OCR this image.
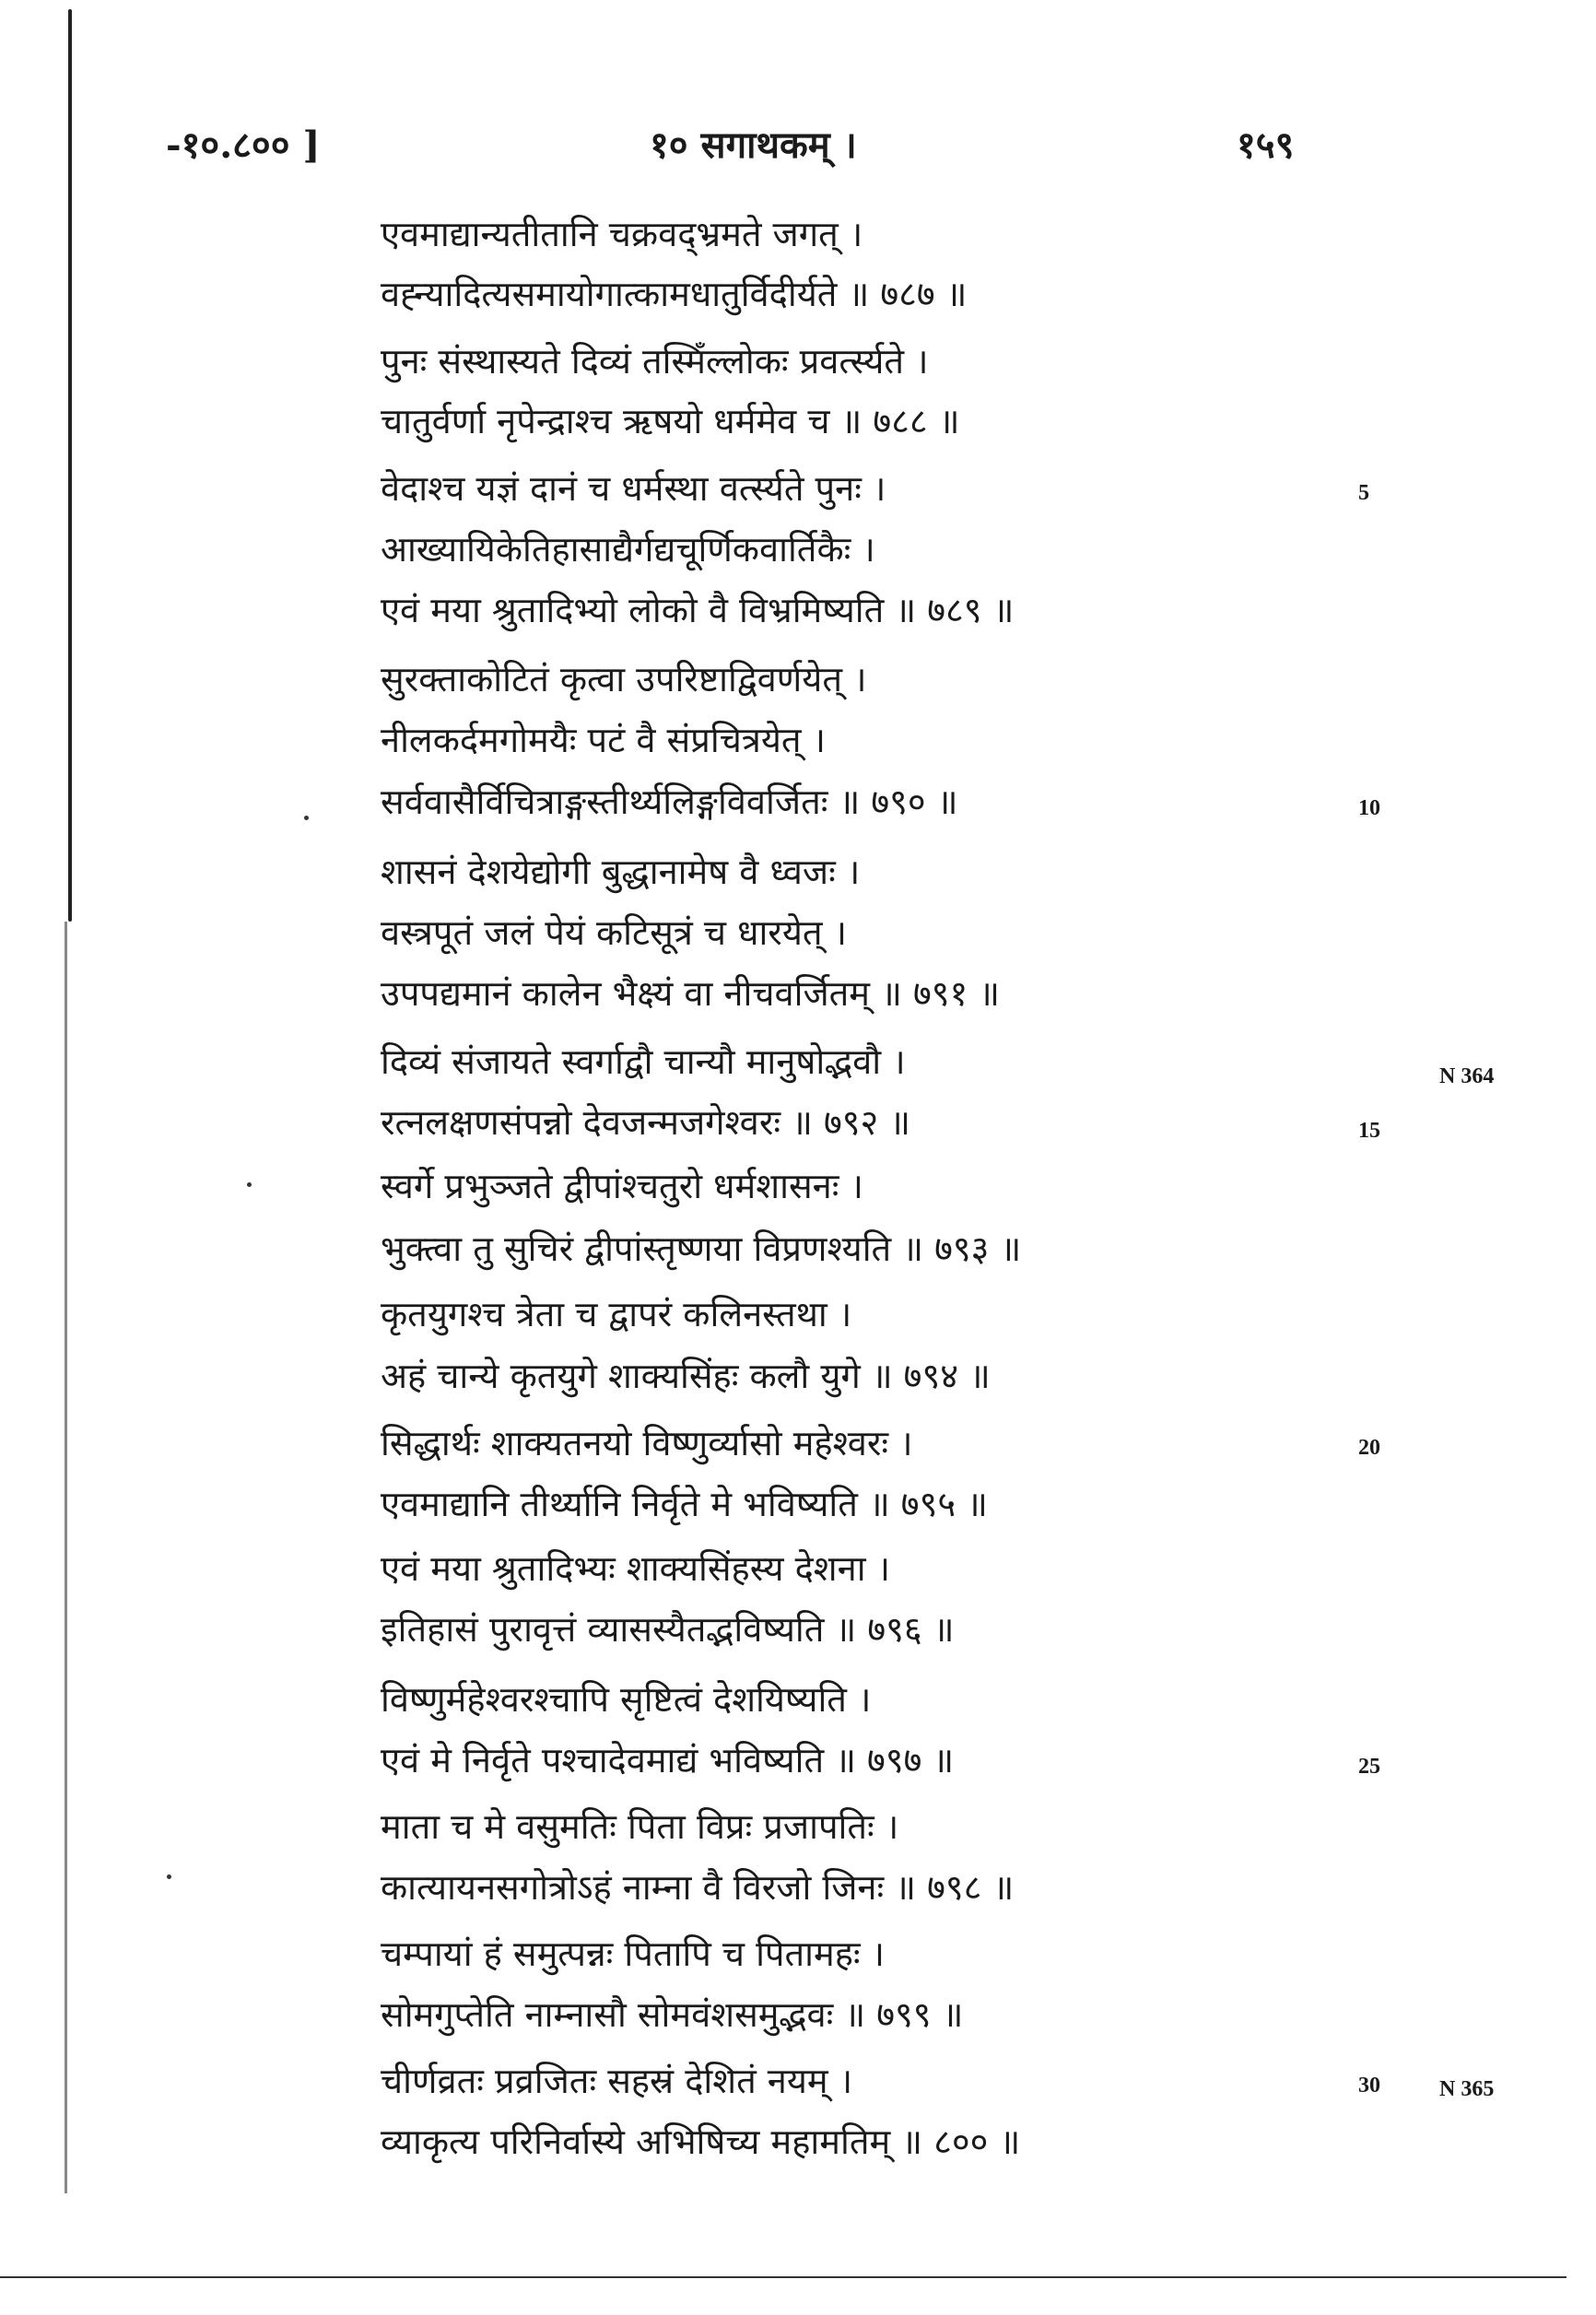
-१०.८०० ]	१० सगाथकम् ।	१५९
एवमाद्यान्यतीतानि चक्रवद्भ्रमते जगत् ।
वह्न्यादित्यसमायोगात्कामधातुर्विदीर्यते ॥ ७८७ ॥
पुनः संस्थास्यते दिव्यं तस्मिँल्लोकः प्रवर्त्स्यते ।
चातुर्वर्णा नृपेन्द्राश्च ऋषयो धर्ममेव च ॥ ७८८ ॥
वेदाश्च यज्ञं दानं च धर्मस्था वर्त्स्यते पुनः ।
आख्यायिकेतिहासाद्यैर्गद्यचूर्णिकवार्तिकैः ।
एवं मया श्रुतादिभ्यो लोको वै विभ्रमिष्यति ॥ ७८९ ॥
सुरक्ताकोटितं कृत्वा उपरिष्टाद्विवर्णयेत् ।
नीलकर्दमगोमयैः पटं वै संप्रचित्रयेत् ।
सर्ववासैर्विचित्राङ्गस्तीर्थ्यलिङ्गविवर्जितः ॥ ७९० ॥
शासनं देशयेद्योगी बुद्धानामेष वै ध्वजः ।
वस्त्रपूतं जलं पेयं कटिसूत्रं च धारयेत् ।
उपपद्यमानं कालेन भैक्ष्यं वा नीचवर्जितम् ॥ ७९१ ॥
दिव्यं संजायते स्वर्गाद्वौ चान्यौ मानुषोद्भवौ ।
रत्नलक्षणसंपन्नो देवजन्मजगेश्वरः ॥ ७९२ ॥
स्वर्गे प्रभुञ्जते द्वीपांश्चतुरो धर्मशासनः ।
भुक्त्वा तु सुचिरं द्वीपांस्तृष्णया विप्रणश्यति ॥ ७९३ ॥
कृतयुगश्च त्रेता च द्वापरं कलिनस्तथा ।
अहं चान्ये कृतयुगे शाक्यसिंहः कलौ युगे ॥ ७९४ ॥
सिद्धार्थः शाक्यतनयो विष्णुर्व्यासो महेश्वरः ।
एवमाद्यानि तीर्थ्यानि निर्वृते मे भविष्यति ॥ ७९५ ॥
एवं मया श्रुतादिभ्यः शाक्यसिंहस्य देशना ।
इतिहासं पुरावृत्तं व्यासस्यैतद्भविष्यति ॥ ७९६ ॥
विष्णुर्महेश्वरश्चापि सृष्टित्वं देशयिष्यति ।
एवं मे निर्वृते पश्चादेवमाद्यं भविष्यति ॥ ७९७ ॥
माता च मे वसुमतिः पिता विप्रः प्रजापतिः ।
कात्यायनसगोत्रोऽहं नाम्ना वै विरजो जिनः ॥ ७९८ ॥
चम्पायां हं समुत्पन्नः पितापि च पितामहः ।
सोमगुप्तेति नाम्नासौ सोमवंशसमुद्भवः ॥ ७९९ ॥
चीर्णव्रतः प्रव्रजितः सहस्रं देशितं नयम् ।
व्याकृत्य परिनिर्वास्ये अभिषिच्य महामतिम् ॥ ८०० ॥
5
10
15
20
25
30
N 364
N 365
